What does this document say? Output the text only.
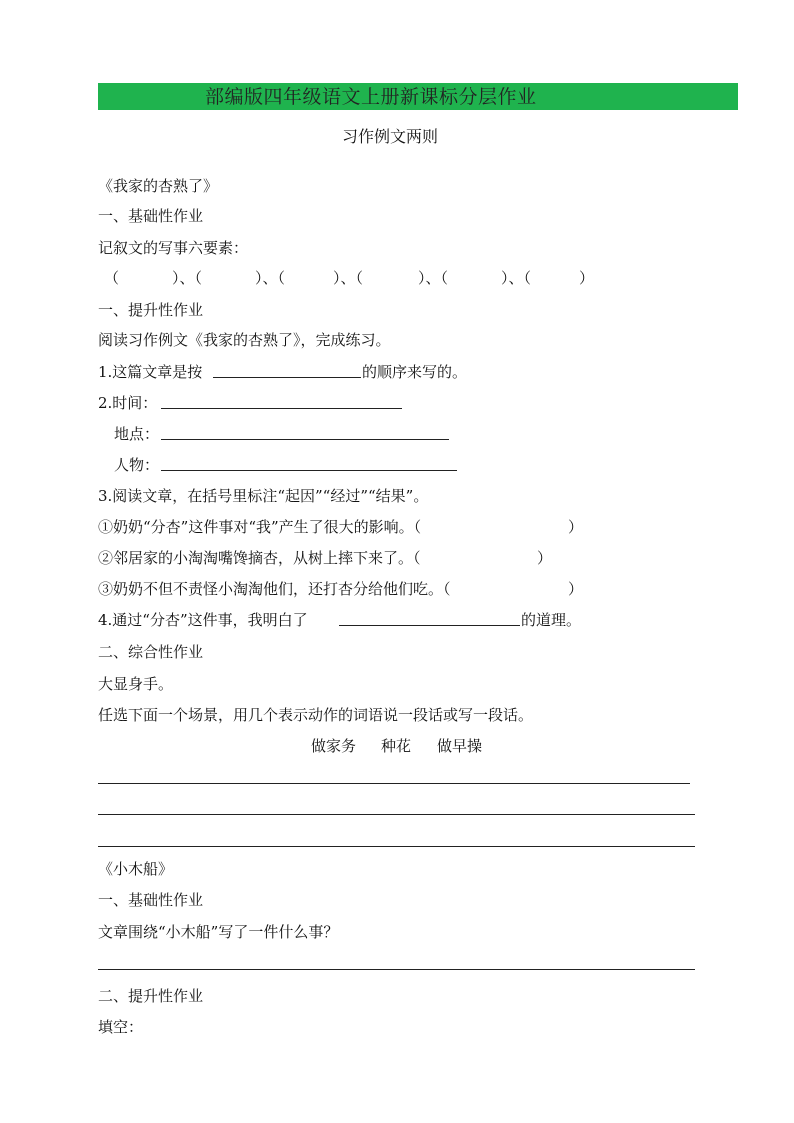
部编版四年级语文上册新课标分层作业
习作例文两则
《我家的杏熟了》
一、基础性作业
记叙文的写事六要素：
（	）、（	）、（	）、（	）、（	）、（	）
一、提升性作业
阅读习作例文《我家的杏熟了》，完成练习。
1.这篇文章是按	的顺序来写的。
2.时间：
地点：
人物：
3.阅读文章，在括号里标注“起因”“经过”“结果”。
①奶奶“分杏”这件事对“我”产生了很大的影响。（	）
②邻居家的小淘淘嘴馋摘杏，从树上摔下来了。（	）
③奶奶不但不责怪小淘淘他们，还打杏分给他们吃。（	）
4.通过“分杏”这件事，我明白了	的道理。
二、综合性作业
大显身手。
任选下面一个场景，用几个表示动作的词语说一段话或写一段话。
做家务 种花 做早操
《小木船》
一、基础性作业
文章围绕“小木船”写了一件什么事？
二、提升性作业
填空：
